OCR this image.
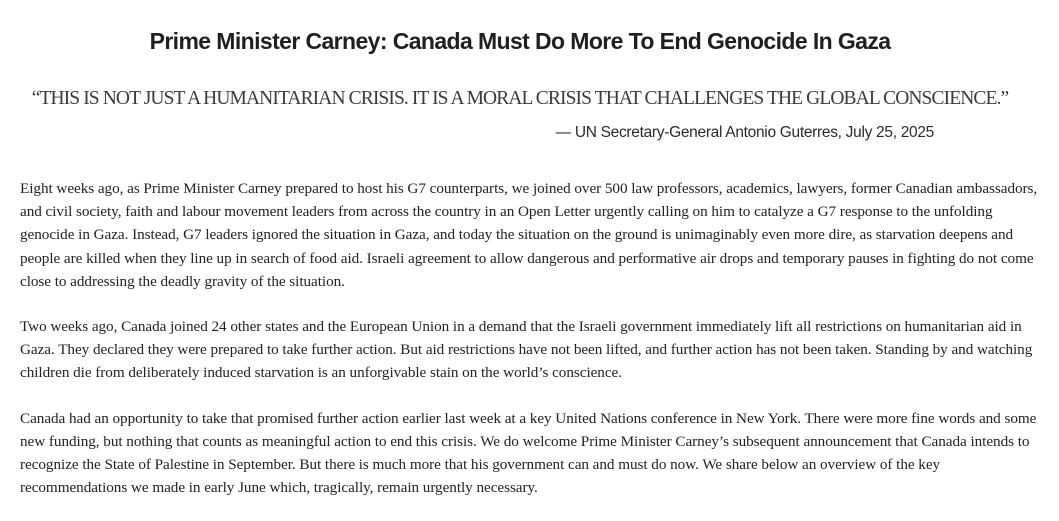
Prime Minister Carney: Canada Must Do More To End Genocide In Gaza

“THIS IS NOT JUST A HUMANITARIAN CRISIS. IT IS A MORAL CRISIS THAT CHALLENGES THE GLOBAL CONSCIENCE.”

— UN Secretary-General Antonio Guterres, July 25, 2025

Eight weeks ago, as Prime Minister Carney prepared to host his G7 counterparts, we joined over 500 law professors, academics, lawyers, former Canadian ambassadors, and civil society, faith and labour movement leaders from across the country in an Open Letter urgently calling on him to catalyze a G7 response to the unfolding genocide in Gaza. Instead, G7 leaders ignored the situation in Gaza, and today the situation on the ground is unimaginably even more dire, as starvation deepens and people are killed when they line up in search of food aid. Israeli agreement to allow dangerous and performative air drops and temporary pauses in fighting do not come close to addressing the deadly gravity of the situation.

Two weeks ago, Canada joined 24 other states and the European Union in a demand that the Israeli government immediately lift all restrictions on humanitarian aid in Gaza. They declared they were prepared to take further action. But aid restrictions have not been lifted, and further action has not been taken. Standing by and watching children die from deliberately induced starvation is an unforgivable stain on the world’s conscience.

Canada had an opportunity to take that promised further action earlier last week at a key United Nations conference in New York. There were more fine words and some new funding, but nothing that counts as meaningful action to end this crisis. We do welcome Prime Minister Carney’s subsequent announcement that Canada intends to recognize the State of Palestine in September. But there is much more that his government can and must do now. We share below an overview of the key recommendations we made in early June which, tragically, remain urgently necessary.
